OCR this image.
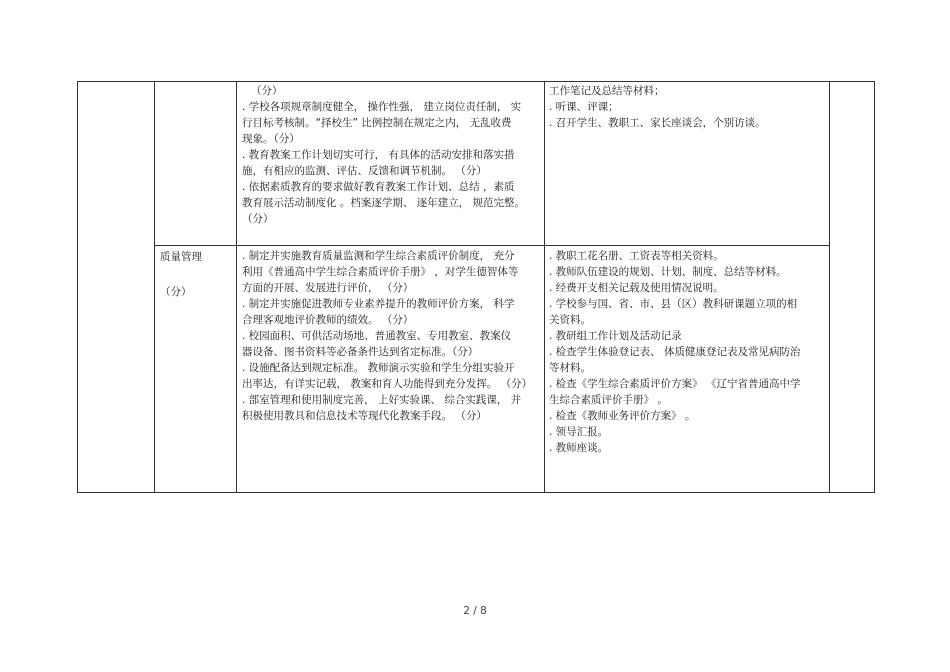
（分）
. 学校各项规章制度健全， 操作性强， 建立岗位责任制， 实
行目标考核制。“择校生” 比例控制在规定之内， 无乱收费
现象。（分）
. 教育教案工作计划切实可行， 有具体的活动安排和落实措
施，有相应的监测、评估、反馈和调节机制。 （分）
. 依据素质教育的要求做好教育教案工作计划、总结 ，素质
教育展示活动制度化 。档案逐学期、 逐年建立， 规范完整。
（分）
工作笔记及总结等材料；
. 听课、评课；
. 召开学生、教职工、家长座谈会，个别访谈。
质量管理
（分）
. 制定并实施教育质量监测和学生综合素质评价制度， 充分
利用《普通高中学生综合素质评价手册》 ，对学生德智体等
方面的开展、发展进行评价， （分）
. 制定并实施促进教师专业素养提升的教师评价方案， 科学
合理客观地评价教师的绩效。 （分）
. 校园面积、可供活动场地、普通教室、专用教室、教案仪
器设备、图书资料等必备条件达到省定标准。（分）
. 设施配备达到规定标准。 教师演示实验和学生分组实验开
出率达，有详实记载， 教案和育人功能得到充分发挥。 （分）
. 部室管理和使用制度完善， 上好实验课、 综合实践课， 并
积极使用教具和信息技术等现代化教案手段。 （分）
. 教职工花名册、工资表等相关资料。
. 教师队伍建设的规划、计划、制度、总结等材料。
. 经费开支相关记载及使用情况说明。
. 学校参与国、省、市、县（区）教科研课题立项的相
关资料。
. 教研组工作计划及活动记录
. 检查学生体验登记表、 体质健康登记表及常见病防治
等材料。
. 检查《学生综合素质评价方案》 《辽宁省普通高中学
生综合素质评价手册》 。
. 检查《教师业务评价方案》 。
. 领导汇报。
. 教师座谈。
2 / 8
